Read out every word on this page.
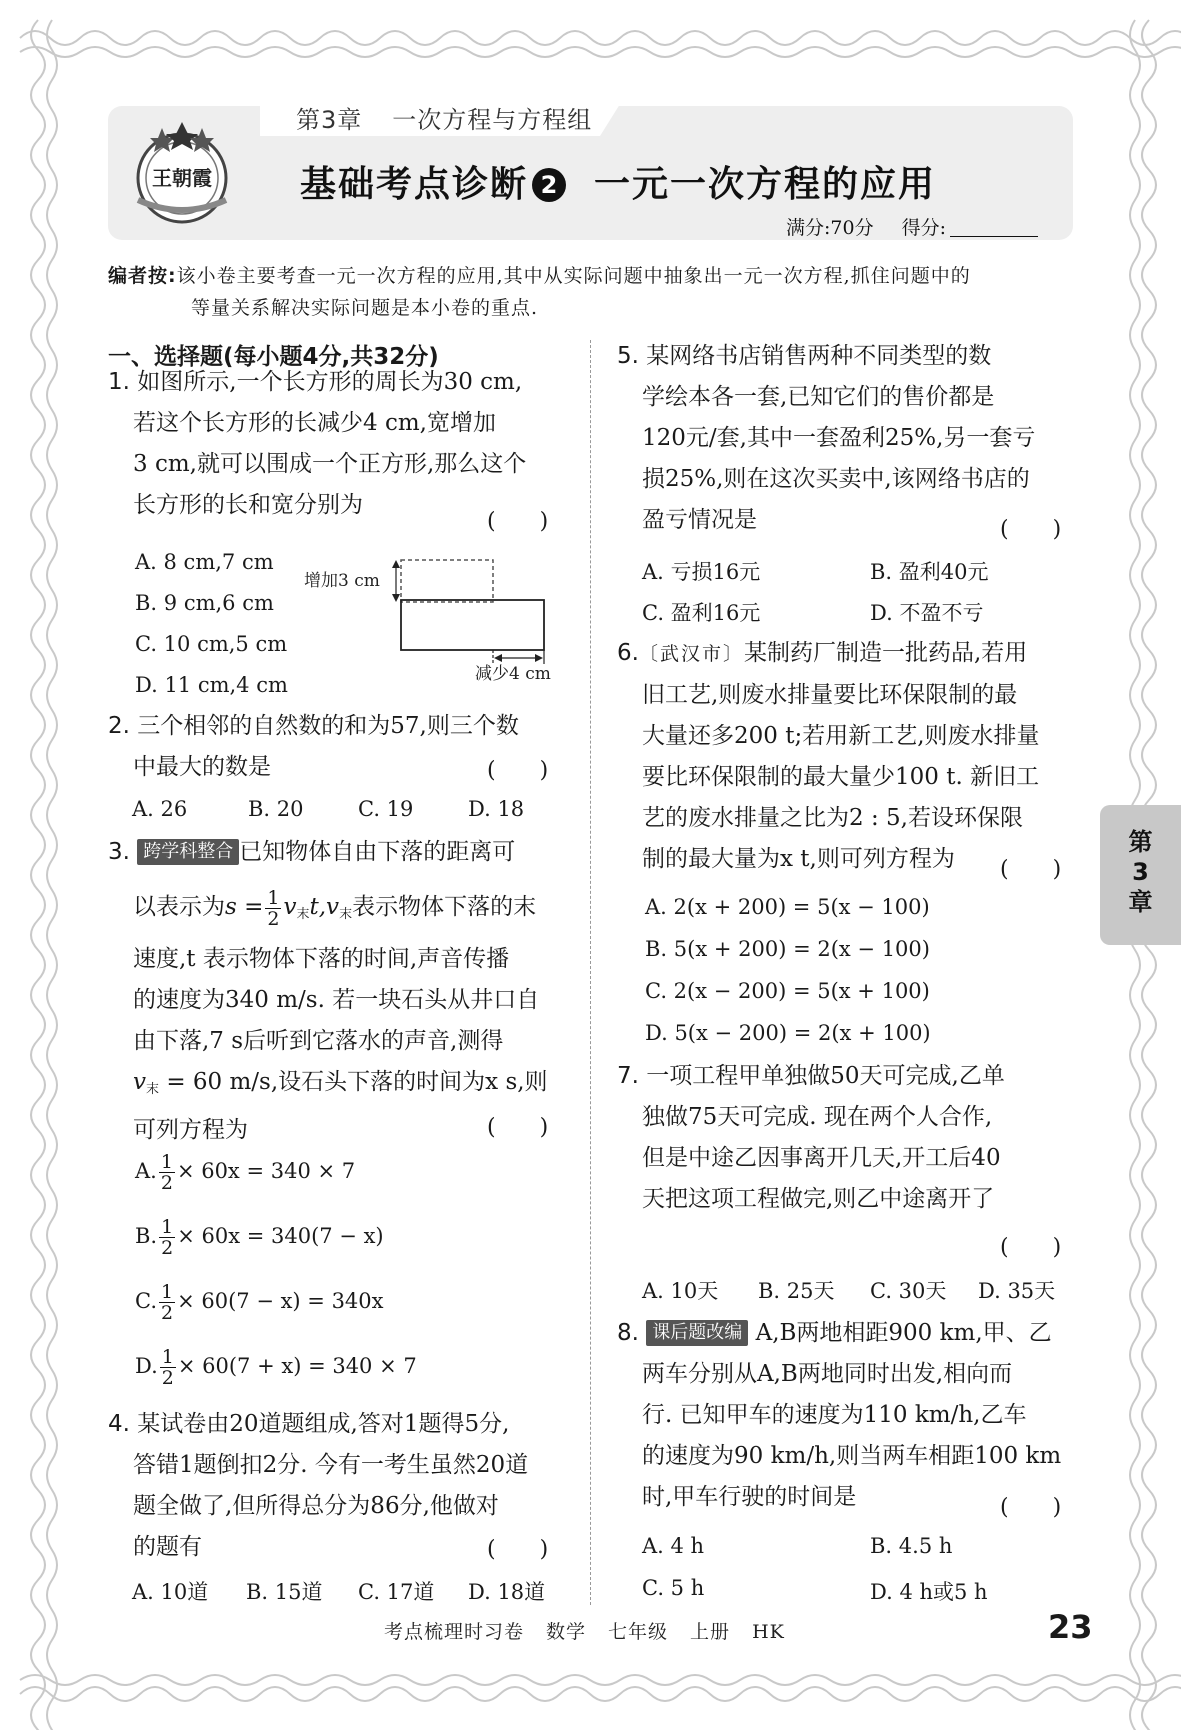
第3章 一次方程与方程组
王朝霞 基础考点诊断 2 一元一次方程的应用
满分:70分 得分:
编者按:该小卷主要考查一元一次方程的应用,其中从实际问题中抽象出一元一次方程,抓住问题中的
等量关系解决实际问题是本小卷的重点.
一、选择题(每小题4分,共32分)
1. 如图所示,一个长方形的周长为30 cm,
若这个长方形的长减少4 cm,宽增加
3 cm,就可以围成一个正方形,那么这个
长方形的长和宽分别为
(　　)
A. 8 cm,7 cm
B. 9 cm,6 cm
C. 10 cm,5 cm
D. 11 cm,4 cm
增加3 cm
减少4 cm
2. 三个相邻的自然数的和为57,则三个数
中最大的数是	(　　)
A. 26	B. 20	C. 19	D. 18
3. 跨学科整合 已知物体自由下落的距离可
以表示为$s = \frac{1}{2} v_末t,v_末$表示物体下落的末
速度,t 表示物体下落的时间,声音传播
的速度为340 m/s. 若一块石头从井口自
由下落,7 s后听到它落水的声音,测得
$v_末 = 60$ m/s,设石头下落的时间为x s,则
可列方程为	(　　)
A. $\frac{1}{2} \times 60x = 340 \times 7$
B. $\frac{1}{2} \times 60x = 340(7 - x)$
C. $\frac{1}{2} \times 60(7 - x) = 340x$
D. $\frac{1}{2} \times 60(7 + x) = 340 \times 7$
4. 某试卷由20道题组成,答对1题得5分,
答错1题倒扣2分. 今有一考生虽然20道
题全做了,但所得总分为86分,他做对
的题有	(　　)
A. 10道 B. 15道 C. 17道 D. 18道
5. 某网络书店销售两种不同类型的数
学绘本各一套,已知它们的售价都是
120元/套,其中一套盈利25%,另一套亏
损25%,则在这次买卖中,该网络书店的
盈亏情况是	(　　)
A. 亏损16元	B. 盈利40元
C. 盈利16元	D. 不盈不亏
6.〔武汉市〕某制药厂制造一批药品,若用
旧工艺,则废水排量要比环保限制的最
大量还多200 t;若用新工艺,则废水排量
要比环保限制的最大量少100 t. 新旧工
艺的废水排量之比为2 : 5,若设环保限
制的最大量为x t,则可列方程为	(　　)
A. 2(x + 200) = 5(x − 100)
B. 5(x + 200) = 2(x − 100)
C. 2(x − 200) = 5(x + 100)
D. 5(x − 200) = 2(x + 100)
7. 一项工程甲单独做50天可完成,乙单
独做75天可完成. 现在两个人合作,
但是中途乙因事离开几天,开工后40
天把这项工程做完,则乙中途离开了
(　　)
A. 10天 B. 25天 C. 30天 D. 35天
8. 课后题改编 A,B两地相距900 km,甲、乙
两车分别从A,B两地同时出发,相向而
行. 已知甲车的速度为110 km/h,乙车
的速度为90 km/h,则当两车相距100 km
时,甲车行驶的时间是	(　　)
A. 4 h	B. 4.5 h
C. 5 h	D. 4 h或5 h
第
3
章
考点梳理时习卷 数学 七年级 上册 HK	23
